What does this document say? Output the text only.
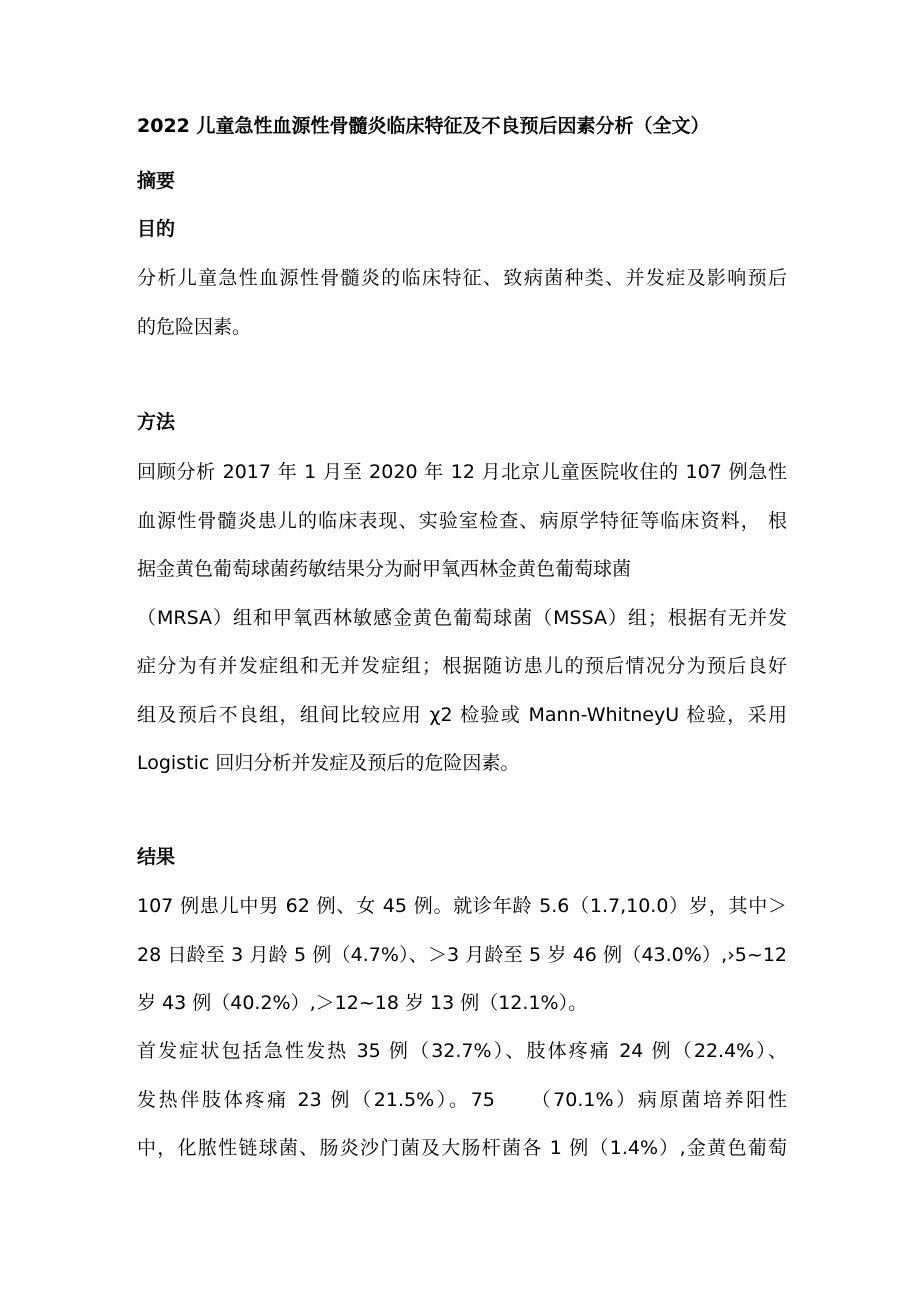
2022 儿童急性血源性骨髓炎临床特征及不良预后因素分析（全文）
摘要
目的
分析儿童急性血源性骨髓炎的临床特征、致病菌种类、并发症及影响预后
的危险因素。
方法
回顾分析 2017 年 1 月至 2020 年 12 月北京儿童医院收住的 107 例急性
血源性骨髓炎患儿的临床表现、实验室检查、病原学特征等临床资料， 根
据金黄色葡萄球菌药敏结果分为耐甲氧西林金黄色葡萄球菌
（MRSA）组和甲氧西林敏感金黄色葡萄球菌（MSSA）组；根据有无并发
症分为有并发症组和无并发症组；根据随访患儿的预后情况分为预后良好
组及预后不良组，组间比较应用 χ2 检验或 Mann-WhitneyU 检验，采用
Logistic 回归分析并发症及预后的危险因素。
结果
107 例患儿中男 62 例、女 45 例。就诊年龄 5.6（1.7,10.0）岁，其中＞
28 日龄至 3 月龄 5 例（4.7%）、＞3 月龄至 5 岁 46 例（43.0%）,›5~12
岁 43 例（40.2%）,＞12~18 岁 13 例（12.1%）。
首发症状包括急性发热 35 例（32.7%）、肢体疼痛 24 例（22.4%）、
发热伴肢体疼痛 23 例（21.5%）。75　　（70.1%）病原菌培养阳性
中，化脓性链球菌、肠炎沙门菌及大肠杆菌各 1 例（1.4%）,金黄色葡萄
